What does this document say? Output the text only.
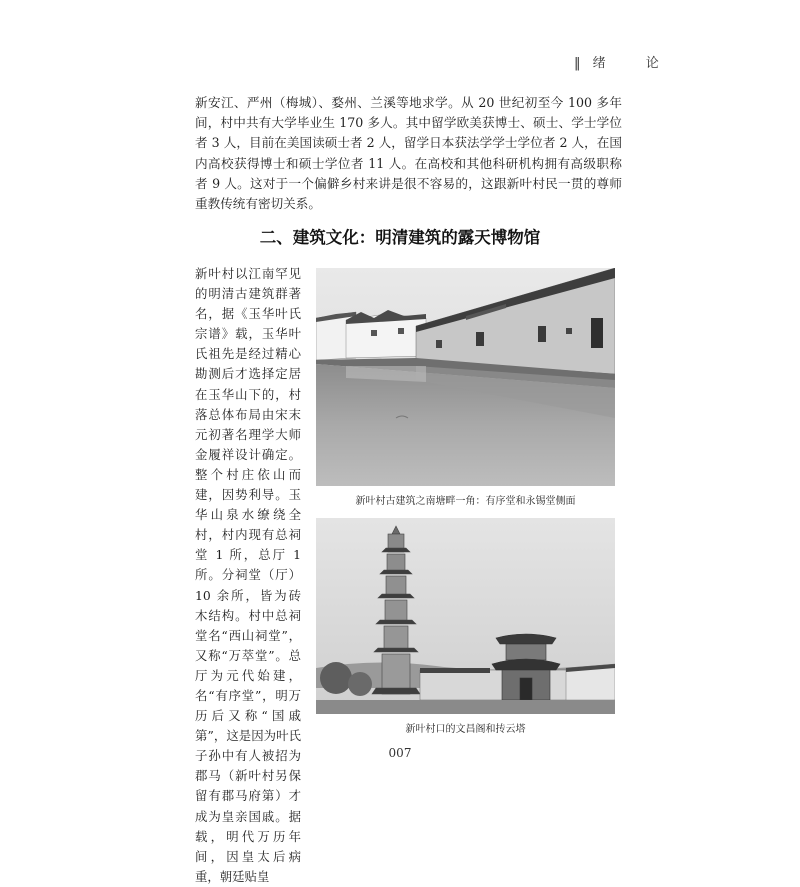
‖ 绪 论
新安江、严州（梅城）、婺州、兰溪等地求学。从 20 世纪初至今 100 多年间，村中共有大学毕业生 170 多人。其中留学欧美获博士、硕士、学士学位者 3 人，目前在美国读硕士者 2 人，留学日本获法学学士学位者 2 人，在国内高校获得博士和硕士学位者 11 人。在高校和其他科研机构拥有高级职称者 9 人。这对于一个偏僻乡村来讲是很不容易的，这跟新叶村民一贯的尊师重教传统有密切关系。
二、建筑文化：明清建筑的露天博物馆
新叶村以江南罕见的明清古建筑群著名，据《玉华叶氏宗谱》载，玉华叶氏祖先是经过精心勘测后才选择定居在玉华山下的，村落总体布局由宋末元初著名理学大师金履祥设计确定。整个村庄依山而建，因势利导。玉华山泉水缭绕全村，村内现有总祠堂 1 所，总厅 1 所。分祠堂（厅）10 余所，皆为砖木结构。村中总祠堂名“西山祠堂”，又称“万萃堂”。总厅为元代始建，名“有序堂”，明万历后又称“国戚第”，这是因为叶氏子孙中有人被招为郡马（新叶村另保留有郡马府第）才成为皇亲国戚。据载，明代万历年间，因皇太后病重，朝廷贴皇
新叶村古建筑之南塘畔一角：有序堂和永锡堂侧面
新叶村口的文昌阁和抟云塔
007
